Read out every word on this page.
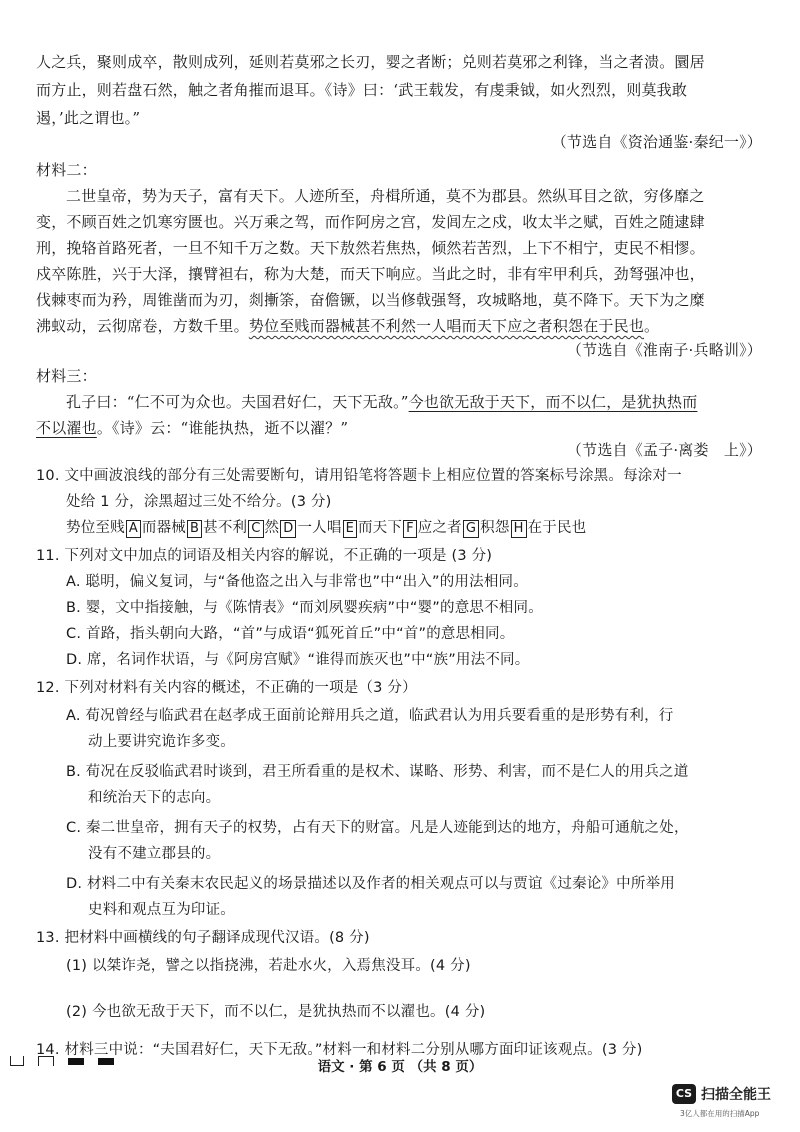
人之兵，聚则成卒，散则成列，延则若莫邪之长刃，婴之者断；兑则若莫邪之利锋，当之者溃。圜居
而方止，则若盘石然，触之者角摧而退耳。《诗》曰：‘武王载发，有虔秉钺，如火烈烈，则莫我敢
遏，’此之谓也。”
（节选自《资治通鉴·秦纪一》）
材料二：
二世皇帝，势为天子，富有天下。人迹所至，舟楫所通，莫不为郡县。然纵耳目之欲，穷侈靡之
变，不顾百姓之饥寒穷匮也。兴万乘之驾，而作阿房之宫，发闾左之戍，收太半之赋，百姓之随逮肆
刑，挽辂首路死者，一旦不知千万之数。天下敖然若焦热，倾然若苦烈，上下不相宁，吏民不相憀。
戍卒陈胜，兴于大泽，攘臂袒右，称为大楚，而天下响应。当此之时，非有牢甲利兵，劲弩强冲也，
伐棘枣而为矜，周锥凿而为刃，剡摲筡，奋儋镢，以当修戟强弩，攻城略地，莫不降下。天下为之糜
沸蚁动，云彻席卷，方数千里。势位至贱而器械甚不利然一人唱而天下应之者积怨在于民也。
（节选自《淮南子·兵略训》）
材料三：
孔子曰：“仁不可为众也。夫国君好仁，天下无敌。”今也欲无敌于天下，而不以仁，是犹执热而
不以濯也。《诗》云：“谁能执热，逝不以濯？”
（节选自《孟子·离娄　上》）
10. 文中画波浪线的部分有三处需要断句，请用铅笔将答题卡上相应位置的答案标号涂黑。每涂对一
处给 1 分，涂黑超过三处不给分。(3 分)
势位至贱 A 而器械 B 甚不利 C 然 D 一人唱 E 而天下 F 应之者 G 积怨 H 在于民也
11. 下列对文中加点的词语及相关内容的解说，不正确的一项是 (3 分)
A. 聪明，偏义复词，与“备他盗之出入与非常也”中“出入”的用法相同。
B. 婴，文中指接触，与《陈情表》“而刘夙婴疾病”中“婴”的意思不相同。
C. 首路，指头朝向大路，“首”与成语“狐死首丘”中“首”的意思相同。
D. 席，名词作状语，与《阿房宫赋》“谁得而族灭也”中“族”用法不同。
12. 下列对材料有关内容的概述，不正确的一项是（3 分）
A. 荀况曾经与临武君在赵孝成王面前论辩用兵之道，临武君认为用兵要看重的是形势有利，行
动上要讲究诡诈多变。
B. 荀况在反驳临武君时谈到，君王所看重的是权术、谋略、形势、利害，而不是仁人的用兵之道
和统治天下的志向。
C. 秦二世皇帝，拥有天子的权势，占有天下的财富。凡是人迹能到达的地方，舟船可通航之处，
没有不建立郡县的。
D. 材料二中有关秦末农民起义的场景描述以及作者的相关观点可以与贾谊《过秦论》中所举用
史料和观点互为印证。
13. 把材料中画横线的句子翻译成现代汉语。(8 分)
(1) 以桀诈尧，譬之以指挠沸，若赴水火，入焉焦没耳。(4 分)
(2) 今也欲无敌于天下，而不以仁，是犹执热而不以濯也。(4 分)
14. 材料三中说：“夫国君好仁，天下无敌。”材料一和材料二分别从哪方面印证该观点。(3 分)
语文 · 第 6 页 （共 8 页）
CS 扫描全能王
3亿人都在用的扫描App
